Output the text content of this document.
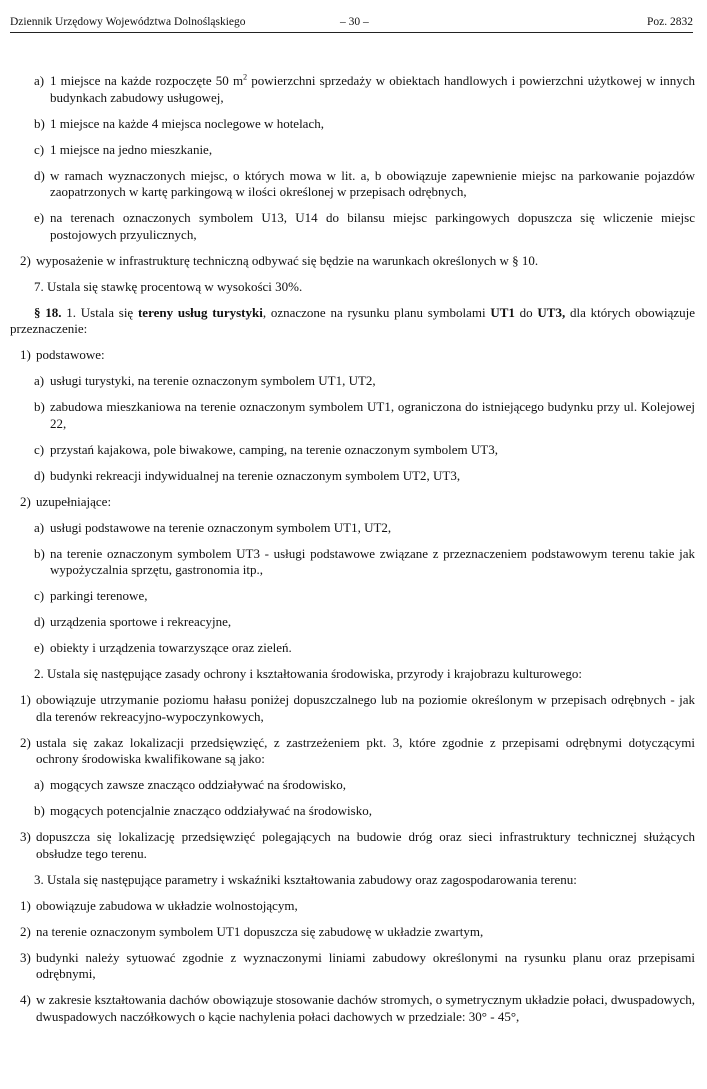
Dziennik Urzędowy Województwa Dolnośląskiego	– 30 –	Poz. 2832
a) 1 miejsce na każde rozpoczęte 50 $m^2$ powierzchni sprzedaży w obiektach handlowych i powierzchni użytkowej w innych budynkach zabudowy usługowej,
b) 1 miejsce na każde 4 miejsca noclegowe w hotelach,
c) 1 miejsce na jedno mieszkanie,
d) w ramach wyznaczonych miejsc, o których mowa w lit. a, b obowiązuje zapewnienie miejsc na parkowanie pojazdów zaopatrzonych w kartę parkingową w ilości określonej w przepisach odrębnych,
e) na terenach oznaczonych symbolem U13, U14 do bilansu miejsc parkingowych dopuszcza się wliczenie miejsc postojowych przyulicznych,
2) wyposażenie w infrastrukturę techniczną odbywać się będzie na warunkach określonych w § 10.
7. Ustala się stawkę procentową w wysokości 30%.
§ 18. 1. Ustala się tereny usług turystyki, oznaczone na rysunku planu symbolami UT1 do UT3, dla których obowiązuje przeznaczenie:
1) podstawowe:
a) usługi turystyki, na terenie oznaczonym symbolem UT1, UT2,
b) zabudowa mieszkaniowa na terenie oznaczonym symbolem UT1, ograniczona do istniejącego budynku przy ul. Kolejowej 22,
c) przystań kajakowa, pole biwakowe, camping, na terenie oznaczonym symbolem UT3,
d) budynki rekreacji indywidualnej na terenie oznaczonym symbolem UT2, UT3,
2) uzupełniające:
a) usługi podstawowe na terenie oznaczonym symbolem UT1, UT2,
b) na terenie oznaczonym symbolem UT3 - usługi podstawowe związane z przeznaczeniem podstawowym terenu takie jak wypożyczalnia sprzętu, gastronomia itp.,
c) parkingi terenowe,
d) urządzenia sportowe i rekreacyjne,
e) obiekty i urządzenia towarzyszące oraz zieleń.
2. Ustala się następujące zasady ochrony i kształtowania środowiska, przyrody i krajobrazu kulturowego:
1) obowiązuje utrzymanie poziomu hałasu poniżej dopuszczalnego lub na poziomie określonym w przepisach odrębnych - jak dla terenów rekreacyjno-wypoczynkowych,
2) ustala się zakaz lokalizacji przedsięwzięć, z zastrzeżeniem pkt. 3, które zgodnie z przepisami odrębnymi dotyczącymi ochrony środowiska kwalifikowane są jako:
a) mogących zawsze znacząco oddziaływać na środowisko,
b) mogących potencjalnie znacząco oddziaływać na środowisko,
3) dopuszcza się lokalizację przedsięwzięć polegających na budowie dróg oraz sieci infrastruktury technicznej służących obsłudze tego terenu.
3. Ustala się następujące parametry i wskaźniki kształtowania zabudowy oraz zagospodarowania terenu:
1) obowiązuje zabudowa w układzie wolnostojącym,
2) na terenie oznaczonym symbolem UT1 dopuszcza się zabudowę w układzie zwartym,
3) budynki należy sytuować zgodnie z wyznaczonymi liniami zabudowy określonymi na rysunku planu oraz przepisami odrębnymi,
4) w zakresie kształtowania dachów obowiązuje stosowanie dachów stromych, o symetrycznym układzie połaci, dwuspadowych, dwuspadowych naczółkowych o kącie nachylenia połaci dachowych w przedziale: 30° - 45°,
